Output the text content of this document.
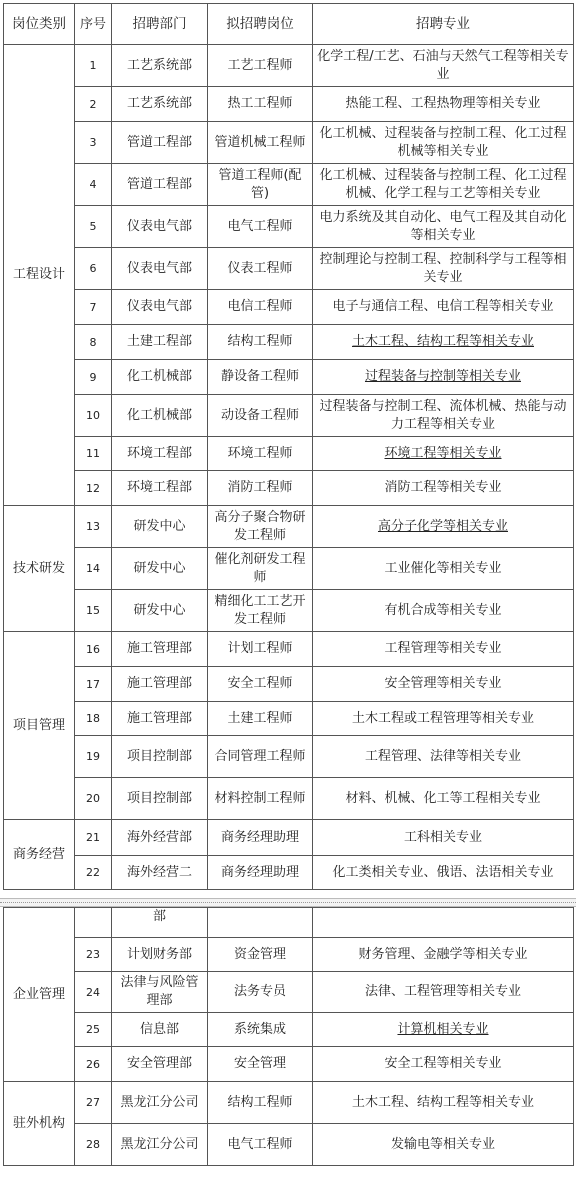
岗位类别	序号	招聘部门	拟招聘岗位	招聘专业
工程设计	1	工艺系统部	工艺工程师	化学工程/工艺、石油与天然气工程等相关专业
	2	工艺系统部	热工工程师	热能工程、工程热物理等相关专业
	3	管道工程部	管道机械工程师	化工机械、过程装备与控制工程、化工过程机械等相关专业
	4	管道工程部	管道工程师(配管)	化工机械、过程装备与控制工程、化工过程机械、化学工程与工艺等相关专业
	5	仪表电气部	电气工程师	电力系统及其自动化、电气工程及其自动化等相关专业
	6	仪表电气部	仪表工程师	控制理论与控制工程、控制科学与工程等相关专业
	7	仪表电气部	电信工程师	电子与通信工程、电信工程等相关专业
	8	土建工程部	结构工程师	土木工程、结构工程等相关专业
	9	化工机械部	静设备工程师	过程装备与控制等相关专业
	10	化工机械部	动设备工程师	过程装备与控制工程、流体机械、热能与动力工程等相关专业
	11	环境工程部	环境工程师	环境工程等相关专业
	12	环境工程部	消防工程师	消防工程等相关专业
技术研发	13	研发中心	高分子聚合物研发工程师	高分子化学等相关专业
	14	研发中心	催化剂研发工程师	工业催化等相关专业
	15	研发中心	精细化工工艺开发工程师	有机合成等相关专业
项目管理	16	施工管理部	计划工程师	工程管理等相关专业
	17	施工管理部	安全工程师	安全管理等相关专业
	18	施工管理部	土建工程师	土木工程或工程管理等相关专业
	19	项目控制部	合同管理工程师	工程管理、法律等相关专业
	20	项目控制部	材料控制工程师	材料、机械、化工等工程相关专业
商务经营	21	海外经营部	商务经理助理	工科相关专业
	22	海外经营二	商务经理助理	化工类相关专业、俄语、法语相关专业
企业管理		部		
	23	计划财务部	资金管理	财务管理、金融学等相关专业
	24	法律与风险管理部	法务专员	法律、工程管理等相关专业
	25	信息部	系统集成	计算机相关专业
	26	安全管理部	安全管理	安全工程等相关专业
驻外机构	27	黑龙江分公司	结构工程师	土木工程、结构工程等相关专业
	28	黑龙江分公司	电气工程师	发输电等相关专业
